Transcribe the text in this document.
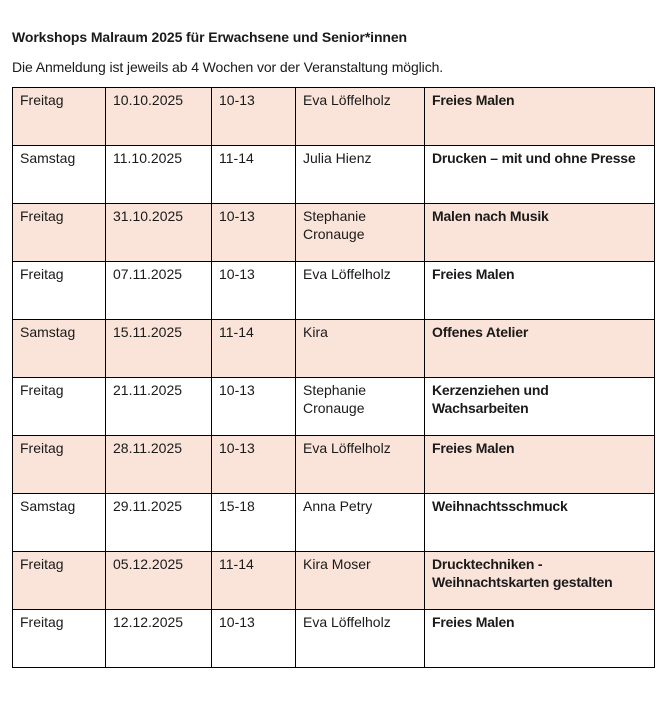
Workshops Malraum 2025 für Erwachsene und Senior*innen
Die Anmeldung ist jeweils ab 4 Wochen vor der Veranstaltung möglich.
Freitag	10.10.2025	10-13	Eva Löffelholz	Freies Malen
Samstag	11.10.2025	11-14	Julia Hienz	Drucken – mit und ohne Presse
Freitag	31.10.2025	10-13	Stephanie Cronauge	Malen nach Musik
Freitag	07.11.2025	10-13	Eva Löffelholz	Freies Malen
Samstag	15.11.2025	11-14	Kira	Offenes Atelier
Freitag	21.11.2025	10-13	Stephanie Cronauge	Kerzenziehen und Wachsarbeiten
Freitag	28.11.2025	10-13	Eva Löffelholz	Freies Malen
Samstag	29.11.2025	15-18	Anna Petry	Weihnachtsschmuck
Freitag	05.12.2025	11-14	Kira Moser	Drucktechniken - Weihnachtskarten gestalten
Freitag	12.12.2025	10-13	Eva Löffelholz	Freies Malen
